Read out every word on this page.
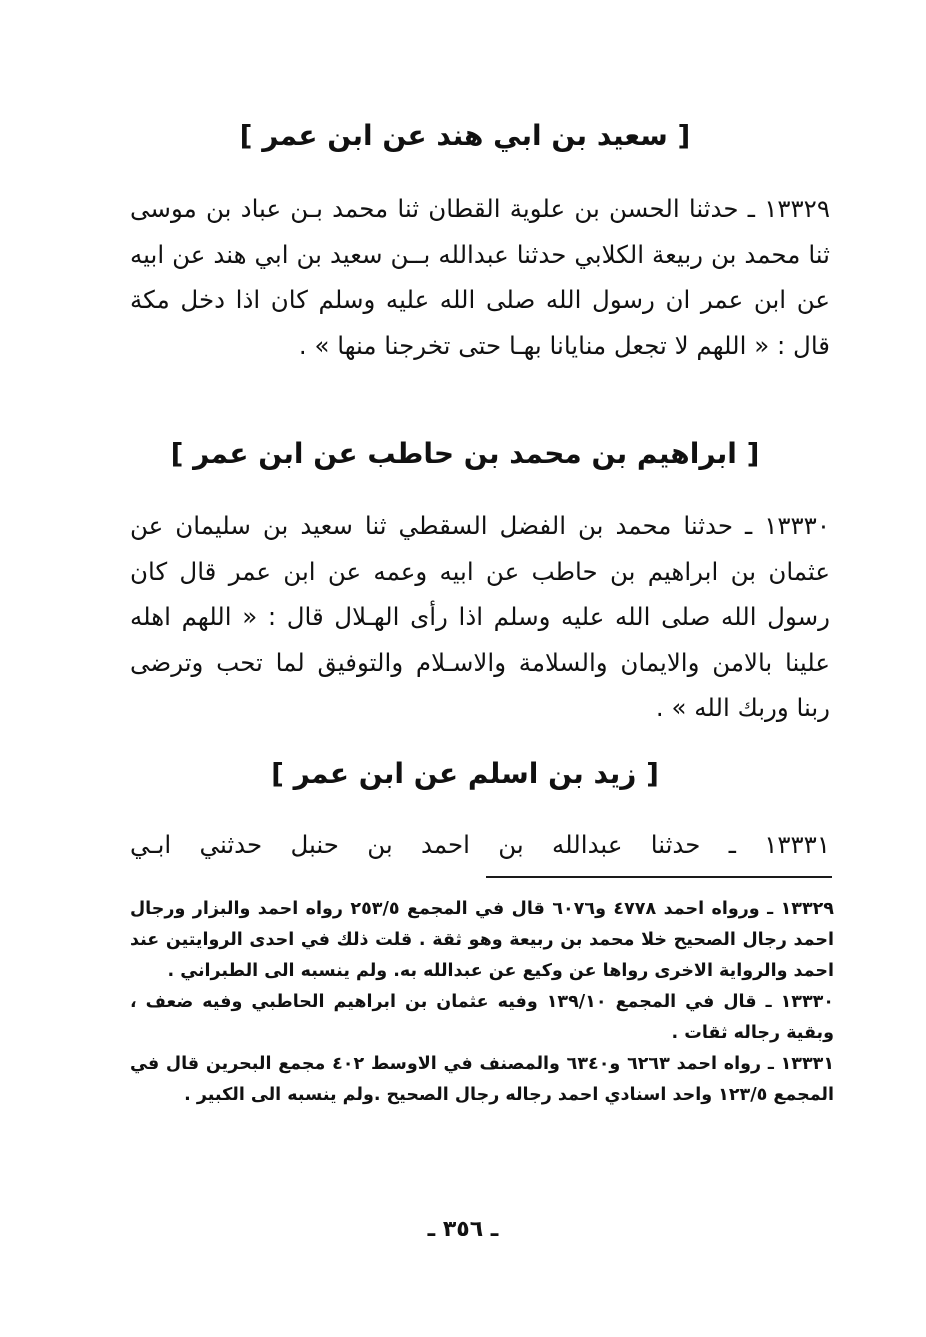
[ سعيد بن ابي هند عن ابن عمر ]
١٣٣٢٩ ـ حدثنا الحسن بن علوية القطان ثنا محمد بـن عباد بن موسى ثنا محمد بن ربيعة الكلابي حدثنا عبدالله بــن سعيد بن ابي هند عن ابيه عن ابن عمر ان رسول الله صلى الله عليه وسلم كان اذا دخل مكة قال : « اللهم لا تجعل منايانا بهـا حتى تخرجنا منها » .
[ ابراهيم بن محمد بن حاطب عن ابن عمر ]
١٣٣٣٠ ـ حدثنا محمد بن الفضل السقطي ثنا سعيد بن سليمان عن عثمان بن ابراهيم بن حاطب عن ابيه وعمه عن ابن عمر قال كان رسول الله صلى الله عليه وسلم اذا رأى الهـلال قال : « اللهم اهله علينا بالامن والايمان والسلامة والاسـلام والتوفيق لما تحب وترضى ربنا وربك الله » .
[ زيد بن اسلم عن ابن عمر ]
١٣٣٣١ ـ حدثنا عبدالله بن احمد بن حنبل حدثني ابـي

١٣٣٢٩ ـ ورواه احمد ٤٧٧٨ و٦٠٧٦ قال في المجمع ٢٥٣/٥ رواه احمد والبزار ورجال احمد رجال الصحيح خلا محمد بن ربيعة وهو ثقة . قلت ذلك في احدى الروايتين عند احمد والرواية الاخرى رواها عن وكيع عن عبدالله به. ولم ينسبه الى الطبراني .

١٣٣٣٠ ـ قال في المجمع ١٣٩/١٠ وفيه عثمان بن ابراهيم الحاطبي وفيه ضعف ، وبقية رجاله ثقات .

١٣٣٣١ ـ رواه احمد ٦٢٦٣ و٦٣٤٠ والمصنف في الاوسط ٤٠٢ مجمع البحرين قال في المجمع ١٢٣/٥ واحد اسنادي احمد رجاله رجال الصحيح .ولم ينسبه الى الكبير .

ـ ٣٥٦ ـ
